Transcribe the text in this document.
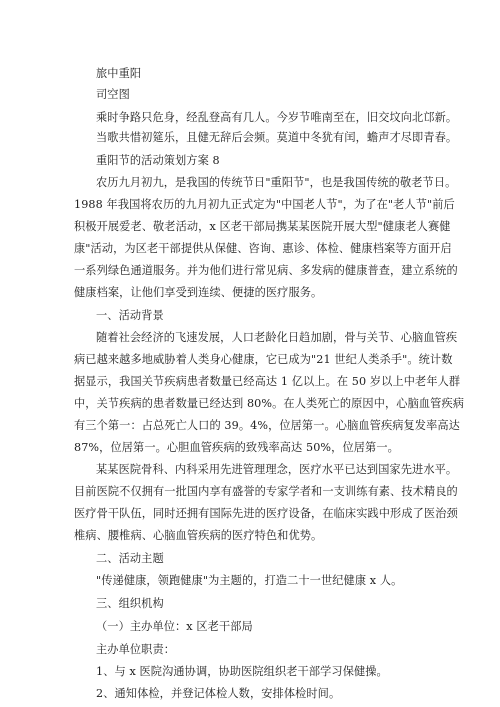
旅中重阳
司空图
乘时争路只危身，经乱登高有几人。今岁节唯南至在，旧交坟向北邙新。
当歌共惜初筵乐，且健无辞后会频。莫道中冬犹有闰，蟾声才尽即青春。
重阳节的活动策划方案 8
农历九月初九，是我国的传统节日"重阳节"，也是我国传统的敬老节日。
1988 年我国将农历的九月初九正式定为"中国老人节"，为了在"老人节"前后
积极开展爱老、敬老活动，x 区老干部局携某某医院开展大型"健康老人赛健
康"活动，为区老干部提供从保健、咨询、惠诊、体检、健康档案等方面开启
一系列绿色通道服务。并为他们进行常见病、多发病的健康普查，建立系统的
健康档案，让他们享受到连续、便捷的医疗服务。
一、活动背景
随着社会经济的飞速发展，人口老龄化日趋加剧，骨与关节、心脑血管疾
病已越来越多地威胁着人类身心健康，它已成为"21 世纪人类杀手"。统计数
据显示，我国关节疾病患者数量已经高达 1 亿以上。在 50 岁以上中老年人群
中，关节疾病的患者数量已经达到 80%。在人类死亡的原因中，心脑血管疾病
有三个第一：占总死亡人口的 39。4%，位居第一。心脑血管疾病复发率高达
87%，位居第一。心胆血管疾病的致残率高达 50%，位居第一。
某某医院骨科、内科采用先进管理理念，医疗水平已达到国家先进水平。
目前医院不仅拥有一批国内享有盛誉的专家学者和一支训练有素、技术精良的
医疗骨干队伍，同时还拥有国际先进的医疗设备，在临床实践中形成了医治颈
椎病、腰椎病、心脑血管疾病的医疗特色和优势。
二、活动主题
"传递健康，领跑健康"为主题的，打造二十一世纪健康 x 人。
三、组织机构
（一）主办单位：x 区老干部局
主办单位职责：
1、与 x 医院沟通协调，协助医院组织老干部学习保健操。
2、通知体检，并登记体检人数，安排体检时间。
